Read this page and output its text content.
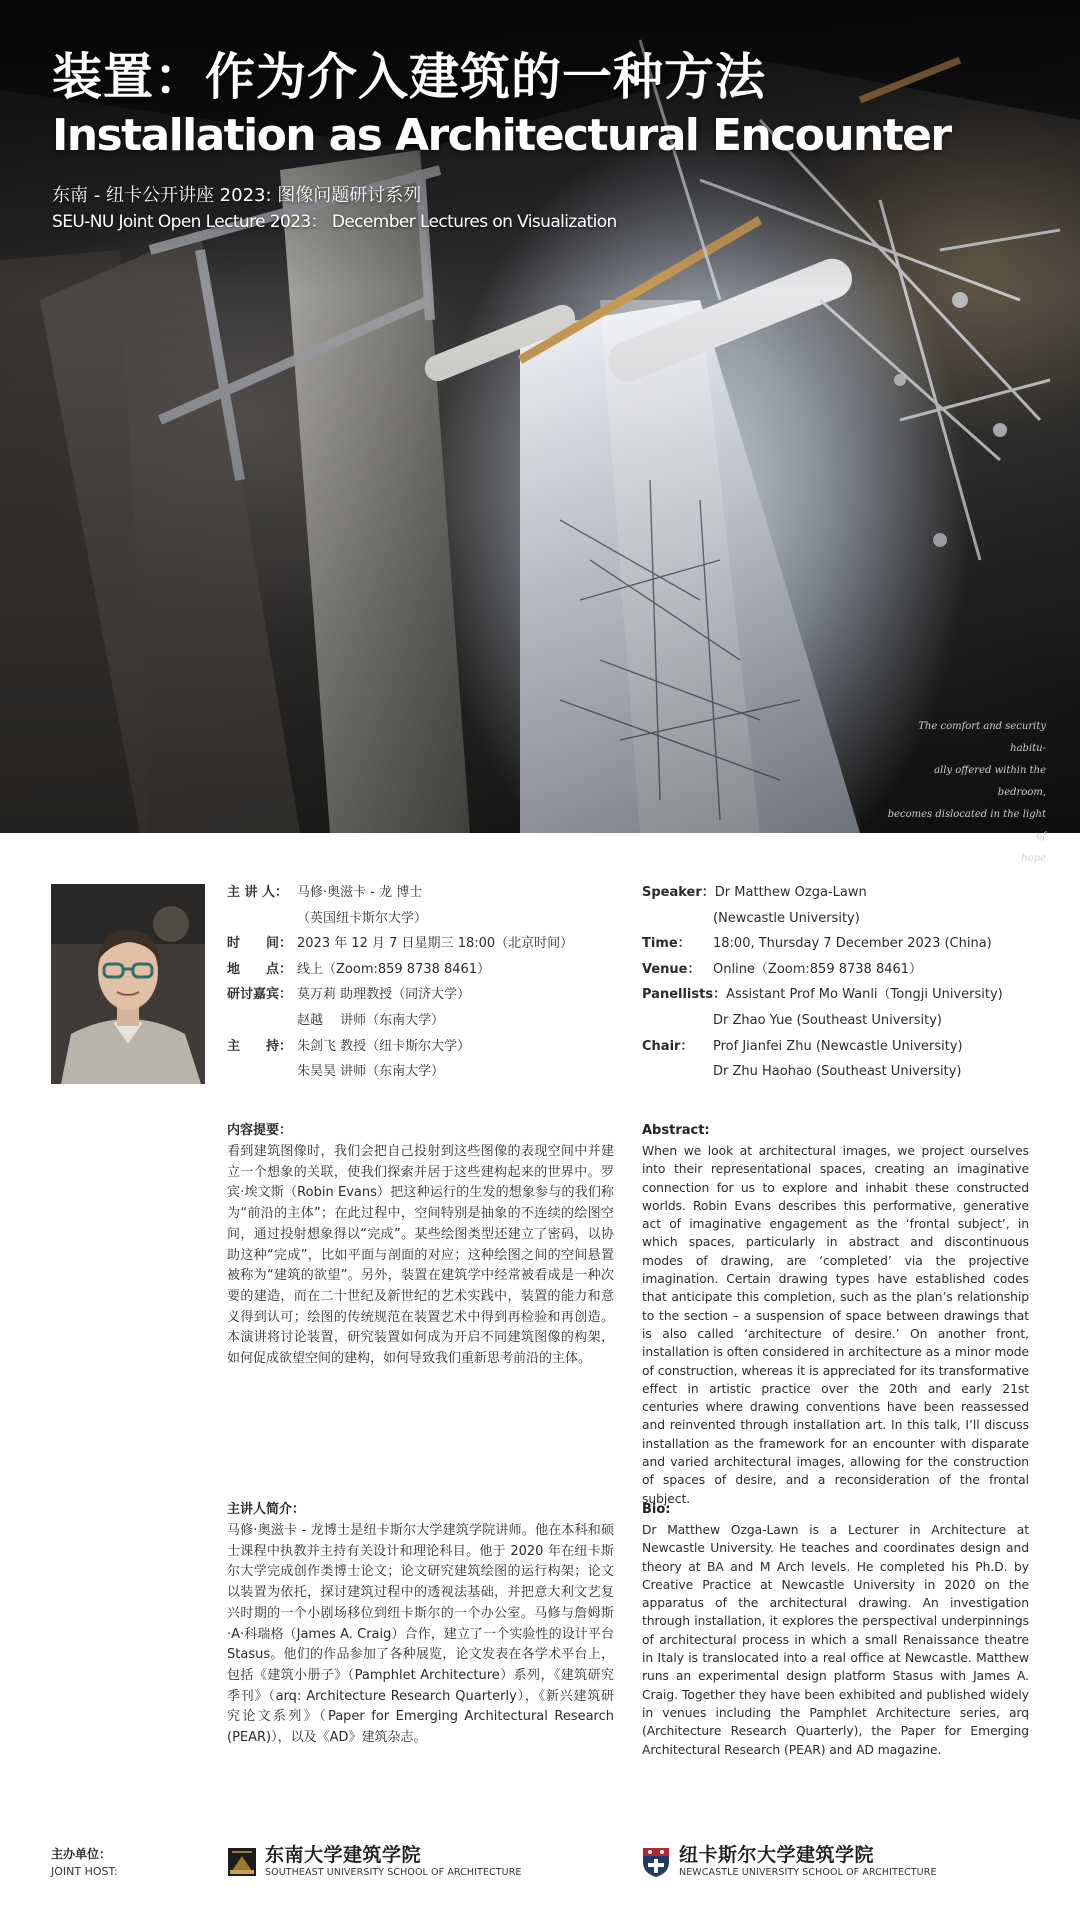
装置：作为介入建筑的一种方法
Installation as Architectural Encounter
东南 - 纽卡公开讲座 2023: 图像问题研讨系列
SEU-NU Joint Open Lecture 2023： December Lectures on Visualization
The comfort and security habitu-
ally offered within the bedroom,
becomes dislocated in the light of
hope
主 讲 人： 马修·奥滋卡 - 龙 博士
（英国纽卡斯尔大学）
时　　间： 2023 年 12 月 7 日星期三 18:00（北京时间）
地　　点： 线上（Zoom:859 8738 8461）
研讨嘉宾： 莫万莉 助理教授（同济大学）
赵越　 讲师（东南大学）
主　　持： 朱剑飞 教授（纽卡斯尔大学）
朱昊昊 讲师（东南大学）
Speaker： Dr Matthew Ozga-Lawn
(Newcastle University)
Time：	18:00, Thursday 7 December 2023 (China)
Venue： Online（Zoom:859 8738 8461）
Panellists： Assistant Prof Mo Wanli（Tongji University)
Dr Zhao Yue (Southeast University)
Chair：	Prof Jianfei Zhu (Newcastle University)
Dr Zhu Haohao (Southeast University)
内容提要：

看到建筑图像时，我们会把自己投射到这些图像的表现空间中并建立一个想象的关联，使我们探索并居于这些建构起来的世界中。罗宾·埃文斯（Robin Evans）把这种运行的生发的想象参与的我们称为“前沿的主体”；在此过程中，空间特别是抽象的不连续的绘图空间，通过投射想象得以“完成”。某些绘图类型还建立了密码，以协助这种“完成”，比如平面与剖面的对应；这种绘图之间的空间悬置被称为“建筑的欲望”。另外，装置在建筑学中经常被看成是一种次要的建造，而在二十世纪及新世纪的艺术实践中，装置的能力和意义得到认可；绘图的传统规范在装置艺术中得到再检验和再创造。本演讲将讨论装置，研究装置如何成为开启不同建筑图像的构架，如何促成欲望空间的建构，如何导致我们重新思考前沿的主体。

Abstract:

When we look at architectural images, we project ourselves into their representational spaces, creating an imaginative connection for us to explore and inhabit these constructed worlds. Robin Evans describes this performative, generative act of imaginative engagement as the ‘frontal subject’, in which spaces, particularly in abstract and discontinuous modes of drawing, are ‘completed’ via the projective imagination. Certain drawing types have established codes that anticipate this completion, such as the plan’s relationship to the section – a suspension of space between drawings that is also called ‘architecture of desire.’ On another front, installation is often considered in architecture as a minor mode of construction, whereas it is appreciated for its transformative effect in artistic practice over the 20th and early 21st centuries where drawing conventions have been reassessed and reinvented through installation art. In this talk, I’ll discuss installation as the framework for an encounter with disparate and varied architectural images, allowing for the construction of spaces of desire, and a reconsideration of the frontal subject.

主讲人简介：

马修·奥滋卡 - 龙博士是纽卡斯尔大学建筑学院讲师。他在本科和硕士课程中执教并主持有关设计和理论科目。他于 2020 年在纽卡斯尔大学完成创作类博士论文；论文研究建筑绘图的运行构架；论文以装置为依托，探讨建筑过程中的透视法基础，并把意大利文艺复兴时期的一个小剧场移位到纽卡斯尔的一个办公室。马修与詹姆斯·A·科瑞格（James A. Craig）合作，建立了一个实验性的设计平台 Stasus。他们的作品参加了各种展览，论文发表在各学术平台上，包括《建筑小册子》（Pamphlet Architecture）系列，《建筑研究季刊》（arq: Architecture Research Quarterly），《新兴建筑研究论文系列》（Paper for Emerging Architectural Research (PEAR)），以及《AD》建筑杂志。

Bio:

Dr Matthew Ozga-Lawn is a Lecturer in Architecture at Newcastle University. He teaches and coordinates design and theory at BA and M Arch levels. He completed his Ph.D. by Creative Practice at Newcastle University in 2020 on the apparatus of the architectural drawing. An investigation through installation, it explores the perspectival underpinnings of architectural process in which a small Renaissance theatre in Italy is translocated into a real office at Newcastle. Matthew runs an experimental design platform Stasus with James A. Craig. Together they have been exhibited and published widely in venues including the Pamphlet Architecture series, arq (Architecture Research Quarterly), the Paper for Emerging Architectural Research (PEAR) and AD magazine.

主办单位：
JOINT HOST:
东南大学建筑学院
SOUTHEAST UNIVERSITY SCHOOL OF ARCHITECTURE
纽卡斯尔大学建筑学院
NEWCASTLE UNIVERSITY SCHOOL OF ARCHITECTURE
